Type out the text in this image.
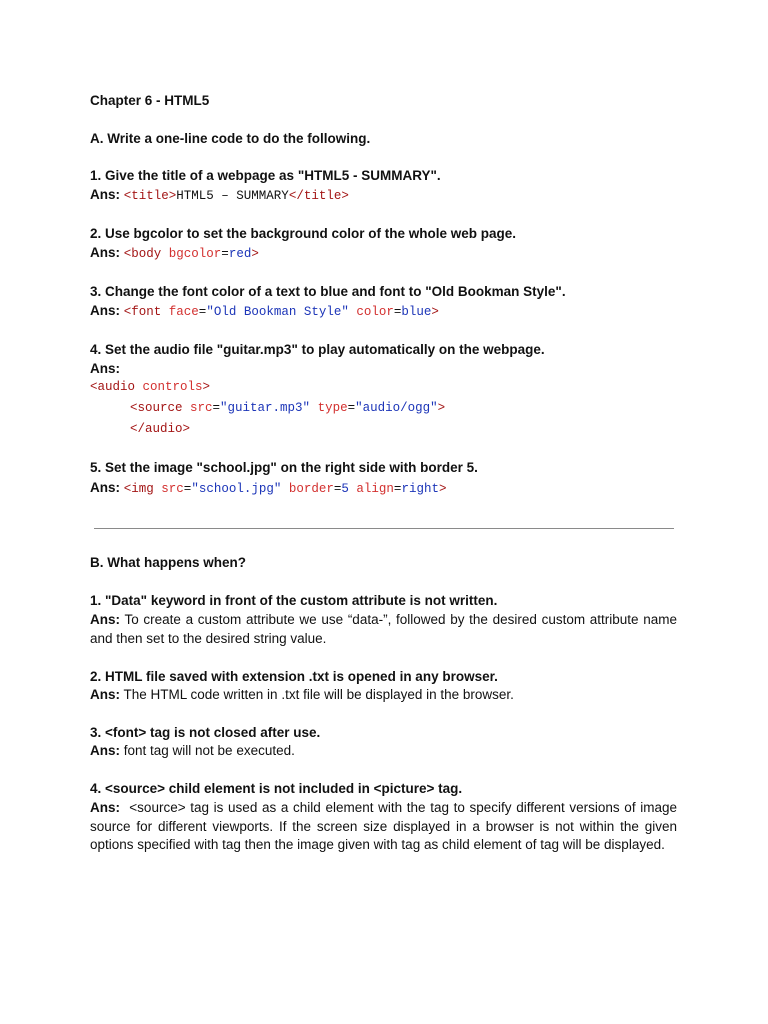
Chapter 6 - HTML5
A. Write a one-line code to do the following.
1. Give the title of a webpage as "HTML5 - SUMMARY".
Ans: <title>HTML5 – SUMMARY</title>
2. Use bgcolor to set the background color of the whole web page.
Ans: <body bgcolor=red>
3. Change the font color of a text to blue and font to "Old Bookman Style".
Ans: <font face="Old Bookman Style" color=blue>
4. Set the audio file "guitar.mp3" to play automatically on the webpage.
Ans:
<audio controls>
<source src="guitar.mp3" type="audio/ogg">
</audio>
5. Set the image "school.jpg" on the right side with border 5.
Ans: <img src="school.jpg" border=5 align=right>
B. What happens when?
1. "Data" keyword in front of the custom attribute is not written.
Ans: To create a custom attribute we use “data-”, followed by the desired custom attribute name and then set to the desired string value.
2. HTML file saved with extension .txt is opened in any browser.
Ans: The HTML code written in .txt file will be displayed in the browser.
3. <font> tag is not closed after use.
Ans: font tag will not be executed.
4. <source> child element is not included in <picture> tag.
Ans:  <source> tag is used as a child element with the tag to specify different versions of image source for different viewports. If the screen size displayed in a browser is not within the given options specified with tag then the image given with tag as child element of tag will be displayed.
